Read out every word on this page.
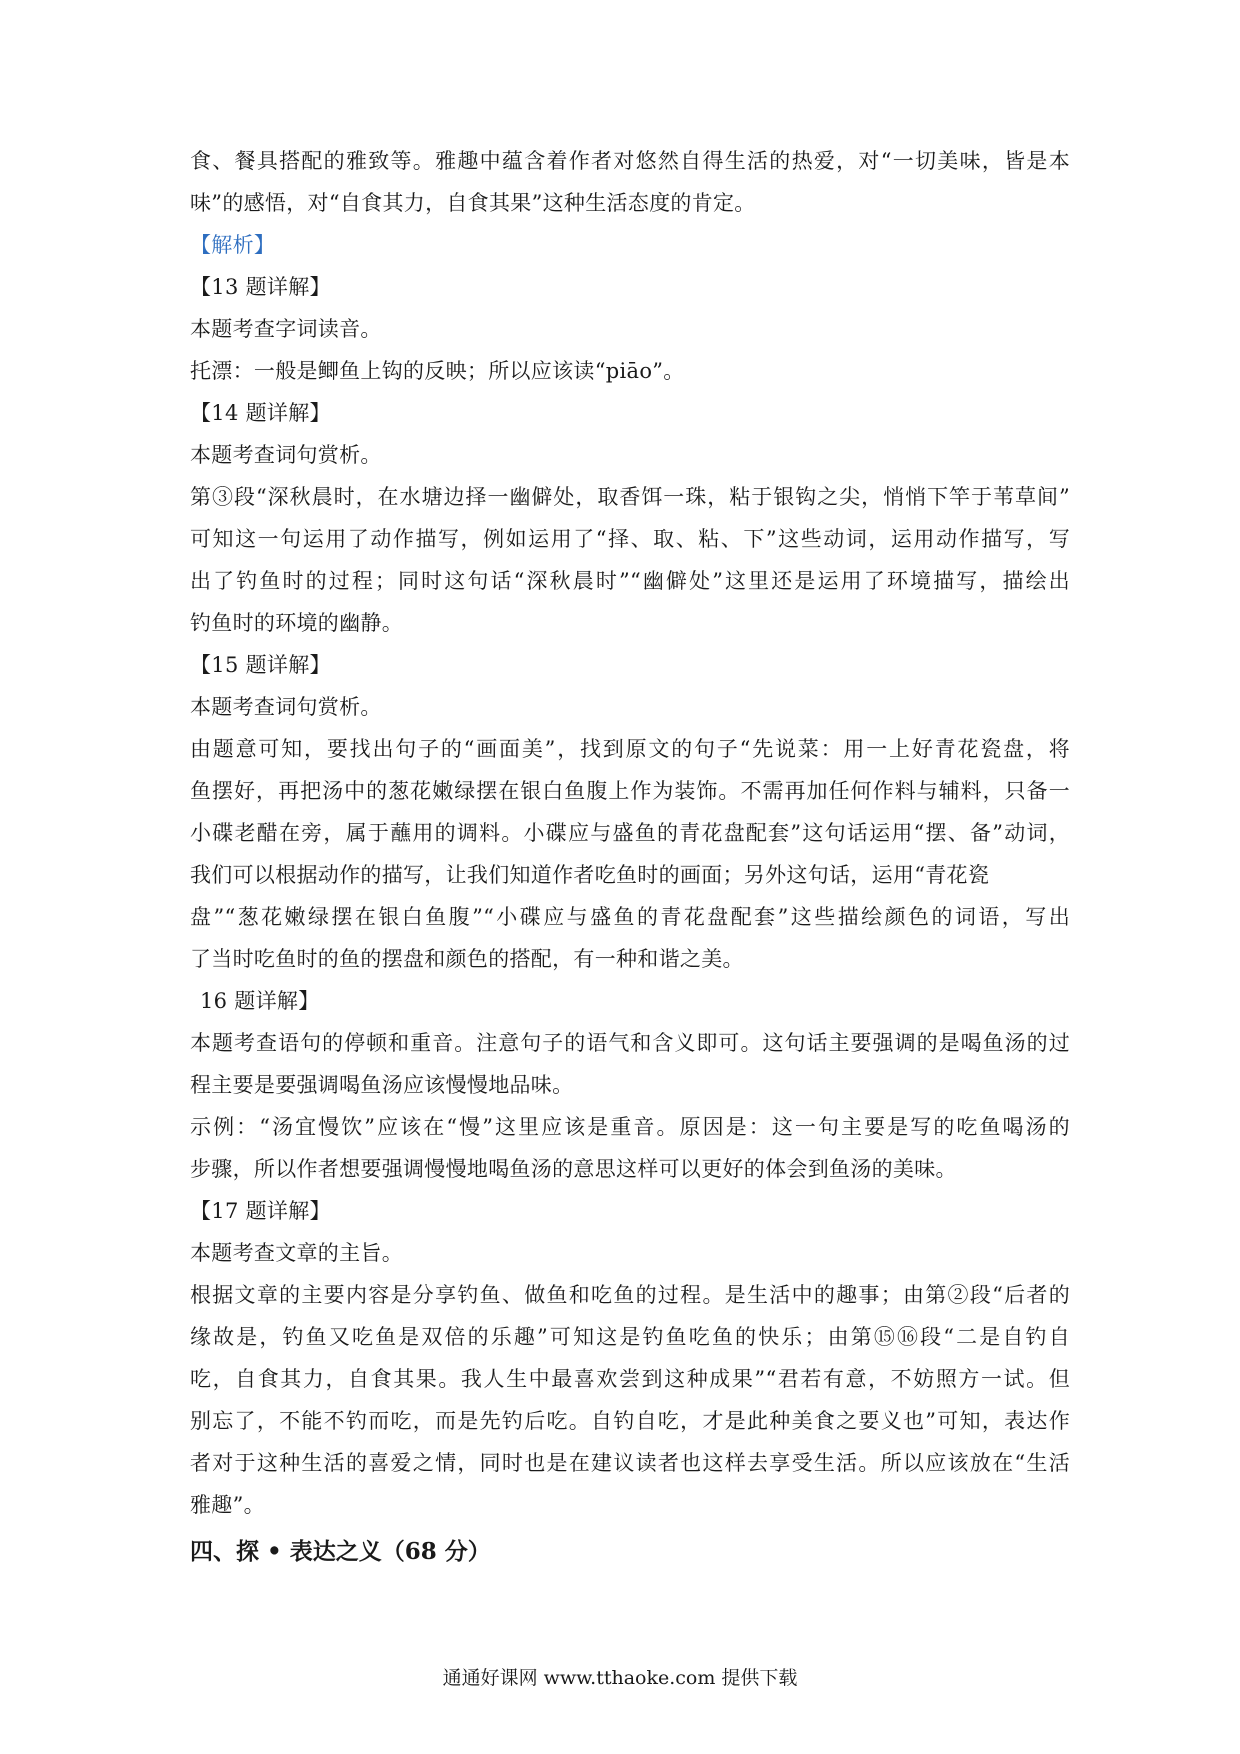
食、餐具搭配的雅致等。雅趣中蕴含着作者对悠然自得生活的热爱，对“一切美味，皆是本
味”的感悟，对“自食其力，自食其果”这种生活态度的肯定。
【解析】
【13 题详解】
本题考查字词读音。
托漂：一般是鲫鱼上钩的反映；所以应该读“piāo”。
【14 题详解】
本题考查词句赏析。
第③段“深秋晨时，在水塘边择一幽僻处，取香饵一珠，粘于银钩之尖，悄悄下竿于苇草间”
可知这一句运用了动作描写，例如运用了“择、取、粘、下”这些动词，运用动作描写，写
出了钓鱼时的过程；同时这句话“深秋晨时”“幽僻处”这里还是运用了环境描写，描绘出
钓鱼时的环境的幽静。
【15 题详解】
本题考查词句赏析。
由题意可知，要找出句子的“画面美”，找到原文的句子“先说菜：用一上好青花瓷盘，将
鱼摆好，再把汤中的葱花嫩绿摆在银白鱼腹上作为装饰。不需再加任何作料与辅料，只备一
小碟老醋在旁，属于蘸用的调料。小碟应与盛鱼的青花盘配套”这句话运用“摆、备”动词，
我们可以根据动作的描写，让我们知道作者吃鱼时的画面；另外这句话，运用“青花瓷
盘”“葱花嫩绿摆在银白鱼腹”“小碟应与盛鱼的青花盘配套”这些描绘颜色的词语，写出
了当时吃鱼时的鱼的摆盘和颜色的搭配，有一种和谐之美。
16 题详解】
本题考查语句的停顿和重音。注意句子的语气和含义即可。这句话主要强调的是喝鱼汤的过
程主要是要强调喝鱼汤应该慢慢地品味。
示例：“汤宜慢饮”应该在“慢”这里应该是重音。原因是：这一句主要是写的吃鱼喝汤的
步骤，所以作者想要强调慢慢地喝鱼汤的意思这样可以更好的体会到鱼汤的美味。
【17 题详解】
本题考查文章的主旨。
根据文章的主要内容是分享钓鱼、做鱼和吃鱼的过程。是生活中的趣事；由第②段“后者的
缘故是，钓鱼又吃鱼是双倍的乐趣”可知这是钓鱼吃鱼的快乐；由第⑮⑯段“二是自钓自
吃，自食其力，自食其果。我人生中最喜欢尝到这种成果”“君若有意，不妨照方一试。但
别忘了，不能不钓而吃，而是先钓后吃。自钓自吃，才是此种美食之要义也”可知，表达作
者对于这种生活的喜爱之情，同时也是在建议读者也这样去享受生活。所以应该放在“生活
雅趣”。
四、探 • 表达之义（68 分）
通通好课网 www.tthaoke.com 提供下载
